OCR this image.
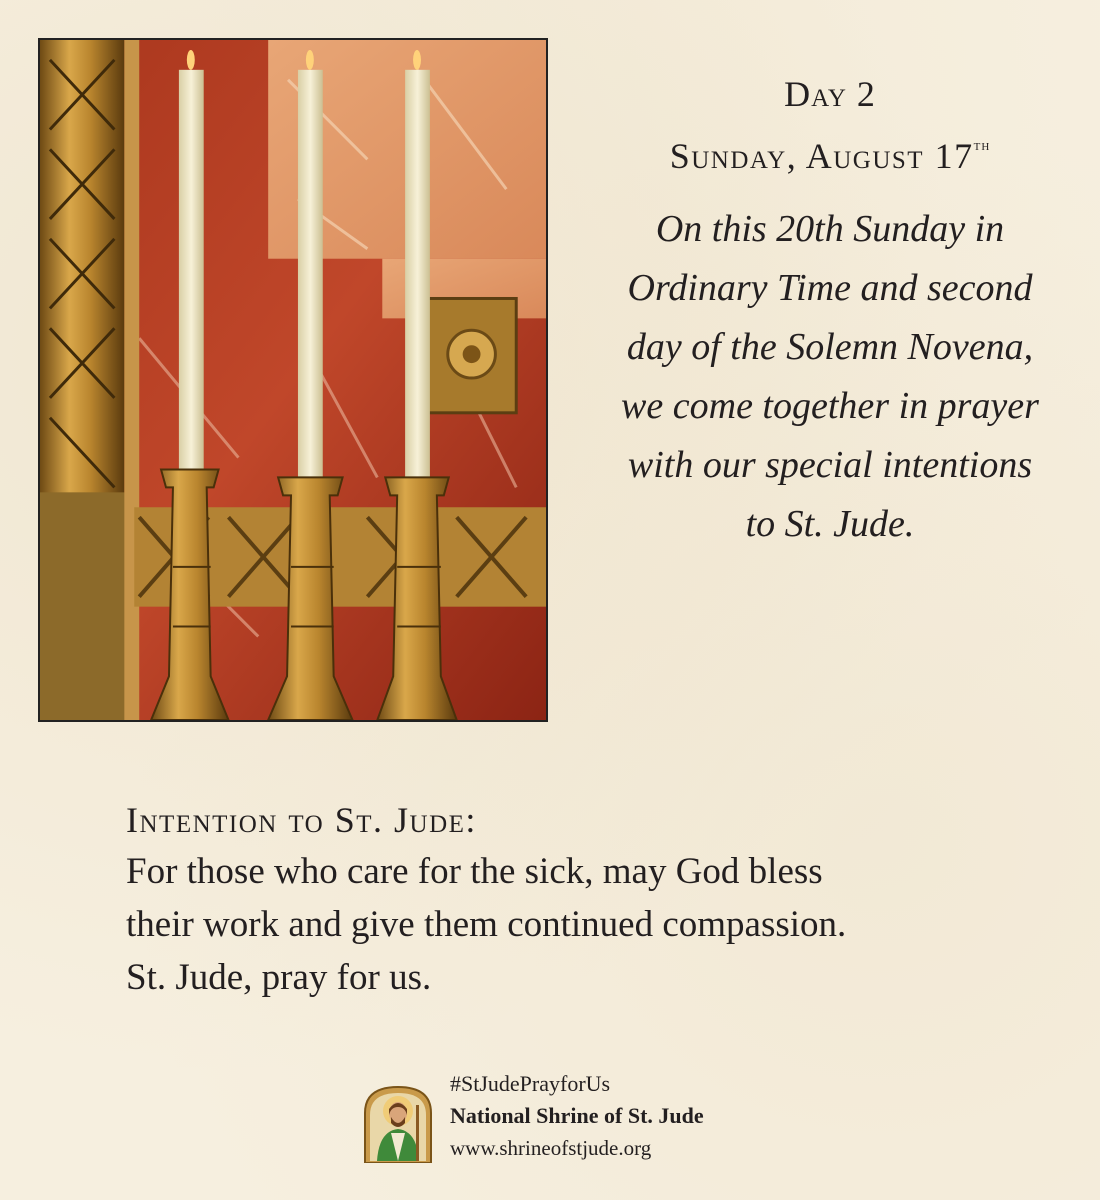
Day 2
Sunday, August 17th
On this 20th Sunday in
Ordinary Time and second
day of the Solemn Novena,
we come together in prayer
with our special intentions
to St. Jude.
Intention to St. Jude:
For those who care for the sick, may God bless
their work and give them continued compassion.
St. Jude, pray for us.
#StJudePrayforUs
National Shrine of St. Jude
www.shrineofstjude.org
